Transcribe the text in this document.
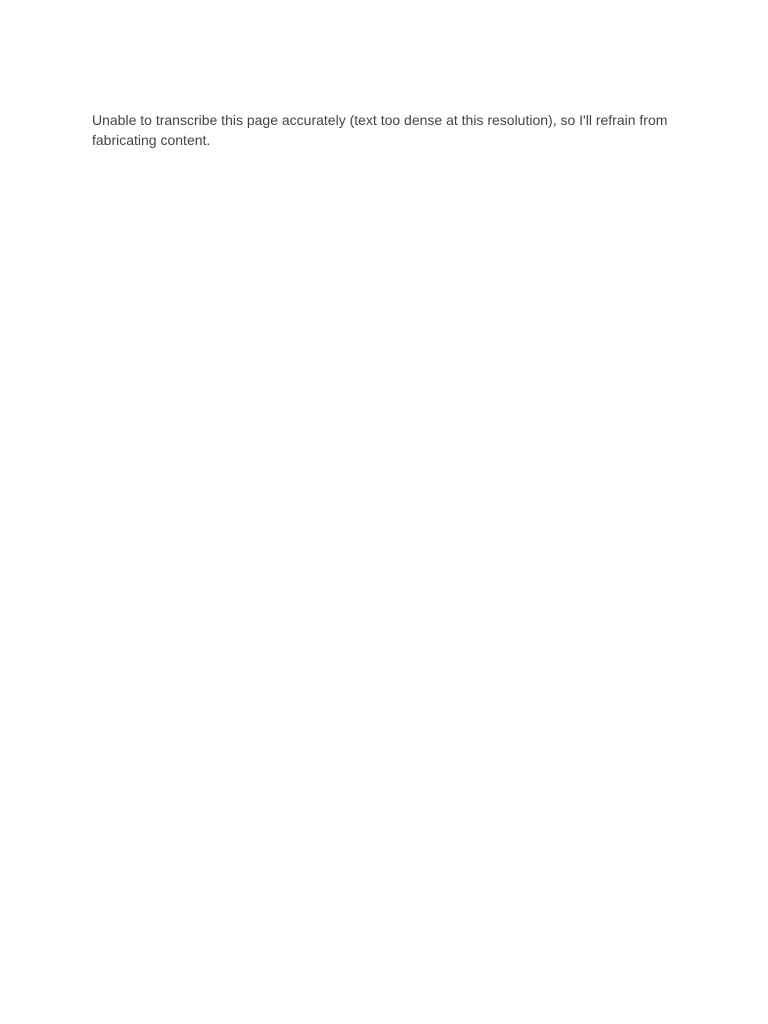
Unable to transcribe this page accurately (text too dense at this resolution), so I'll refrain from fabricating content.
